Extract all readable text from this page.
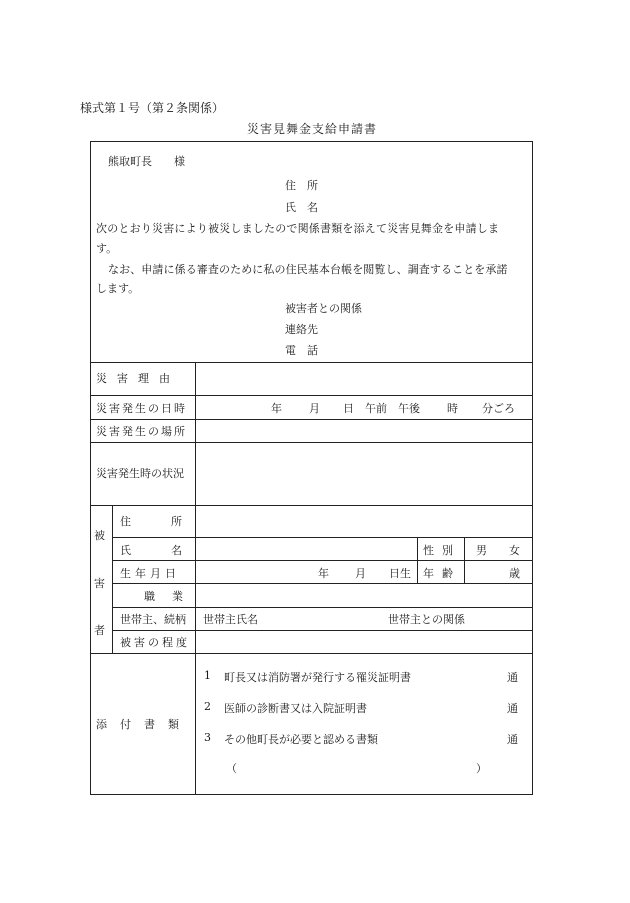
様式第１号（第２条関係）
災害見舞金支給申請書
熊取町長　　様
住　所
氏　名
次のとおり災害により被災しましたので関係書類を添えて災害見舞金を申請しま
す。
なお、申請に係る審査のために私の住民基本台帳を閲覧し、調査することを承諾
します。
被害者との関係
連絡先
電　話
災害理由
災害発生の日時	年 月 日 午前　午後 時 分ごろ
災害発生の場所
災害発生時の状況
被
害
者
住所
氏名	性別 男　　女
生年月日	年 月 日生 年齢	歳
職業
世帯主、続柄 世帯主氏名	世帯主との関係
被害の程度
添付書類
1 町長又は消防署が発行する罹災証明書	通
2 医師の診断書又は入院証明書	通
3 その他町長が必要と認める書類	通
（	）
